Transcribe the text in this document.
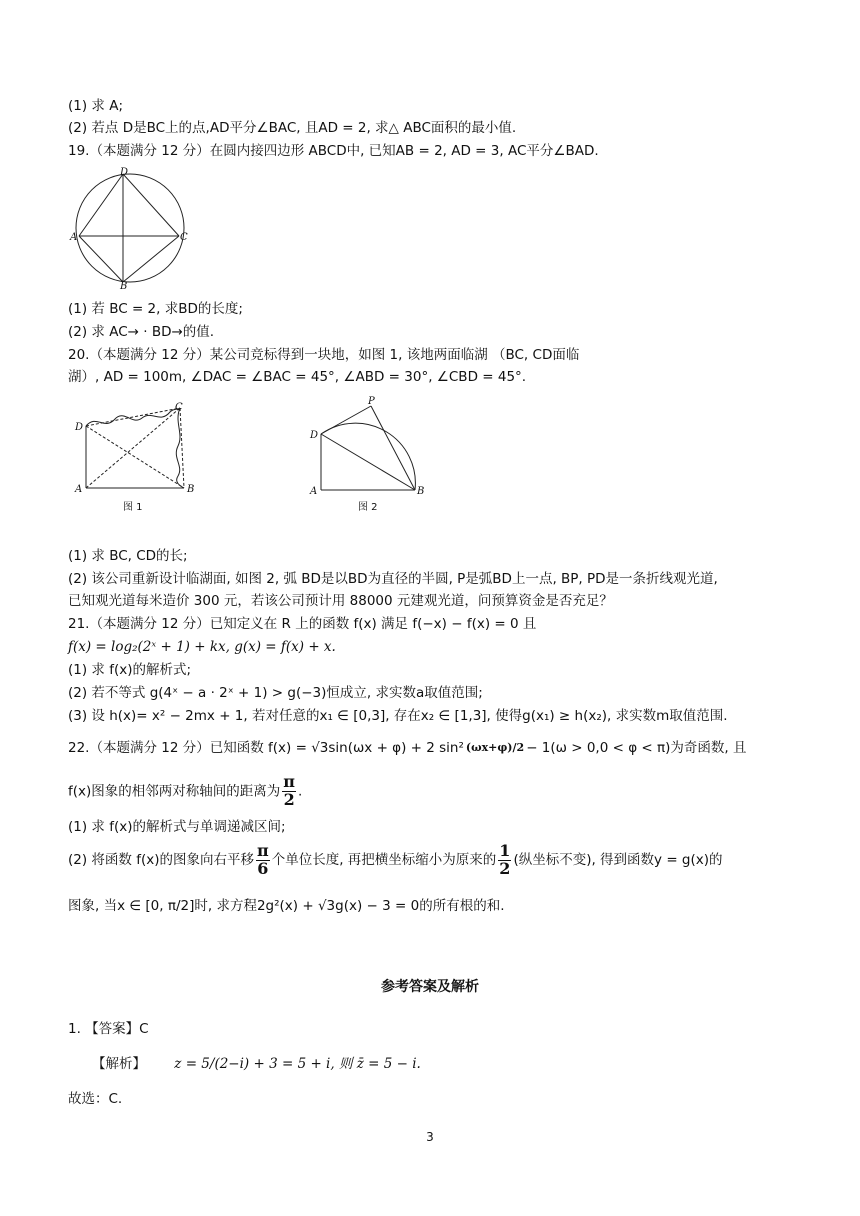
(1) 求 A;
(2) 若点 D是BC上的点,AD平分∠BAC, 且AD = 2, 求△ ABC面积的最小值.
19.（本题满分 12 分）在圆内接四边形 ABCD中, 已知AB = 2, AD = 3, AC平分∠BAD.
D
A	C
B
(1) 若 BC = 2, 求BD的长度;
(2) 求 AC→ · BD→的值.
20.（本题满分 12 分）某公司竞标得到一块地，如图 1, 该地两面临湖 （BC, CD面临
湖）, AD = 100m, ∠DAC = ∠BAC = 45°, ∠ABD = 30°, ∠CBD = 45°.
D
C
A	B
图 1
P
D
A	B
图 2
(1) 求 BC, CD的长;
(2) 该公司重新设计临湖面, 如图 2, 弧 BD是以BD为直径的半圆, P是弧BD上一点, BP, PD是一条折线观光道,
已知观光道每米造价 300 元，若该公司预计用 88000 元建观光道，问预算资金是否充足？
21.（本题满分 12 分）已知定义在 R 上的函数 f(x) 满足 f(−x) − f(x) = 0 且
f(x) = log₂(2ˣ + 1) + kx, g(x) = f(x) + x.
(1) 求 f(x)的解析式;
(2) 若不等式 g(4ˣ − a · 2ˣ + 1) > g(−3)恒成立, 求实数a取值范围;
(3) 设 h(x)= x² − 2mx + 1, 若对任意的x₁ ∈ [0,3], 存在x₂ ∈ [1,3], 使得g(x₁) ≥ h(x₂), 求实数m取值范围.
22.（本题满分 12 分）已知函数 f(x) = √3sin(ωx + φ) + 2 sin² (ωx+φ)/2 − 1(ω > 0,0 < φ < π)为奇函数, 且
f(x)图象的相邻两对称轴间的距离为 $\frac{\pi}{2}$ .
(1) 求 f(x)的解析式与单调递减区间;
(2) 将函数 f(x)的图象向右平移 $\frac{\pi}{6}$ 个单位长度, 再把横坐标缩小为原来的 $\frac{1}{2}$ (纵坐标不变), 得到函数y = g(x)的
图象, 当x ∈ [0, π/2]时, 求方程2g²(x) + √3g(x) − 3 = 0的所有根的和.
参考答案及解析
1. 【答案】C
【解析】 z = 5/(2−i) + 3 = 5 + i, 则 z̄ = 5 − i.
故选：C.
3
